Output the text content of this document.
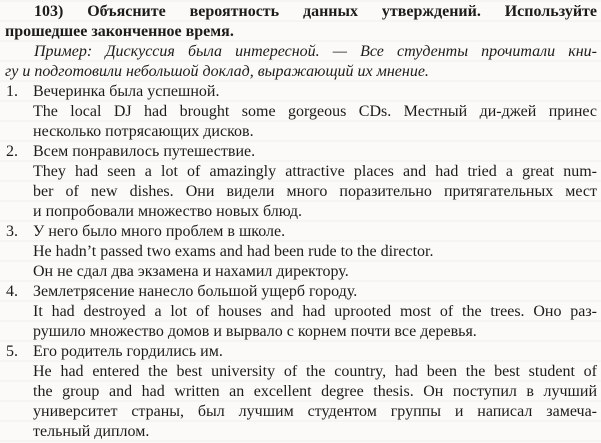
103) Объясните вероятность данных утверждений. Используйте
прошедшее законченное время.
Пример: Дискуссия была интересной. — Все студенты прочитали кни-
гу и подготовили небольшой доклад, выражающий их мнение.
1. Вечеринка была успешной.
The local DJ had brought some gorgeous CDs. Местный ди-джей принес
несколько потрясающих дисков.
2. Всем понравилось путешествие.
They had seen a lot of amazingly attractive places and had tried a great num-
ber of new dishes. Они видели много поразительно притягательных мест
и попробовали множество новых блюд.
3. У него было много проблем в школе.
He hadn’t passed two exams and had been rude to the director.
Он не сдал два экзамена и нахамил директору.
4. Землетрясение нанесло большой ущерб городу.
It had destroyed a lot of houses and had uprooted most of the trees. Оно раз-
рушило множество домов и вырвало с корнем почти все деревья.
5. Его родитель гордились им.
He had entered the best university of the country, had been the best student of
the group and had written an excellent degree thesis. Он поступил в лучший
университет страны, был лучшим студентом группы и написал замеча-
тельный диплом.
